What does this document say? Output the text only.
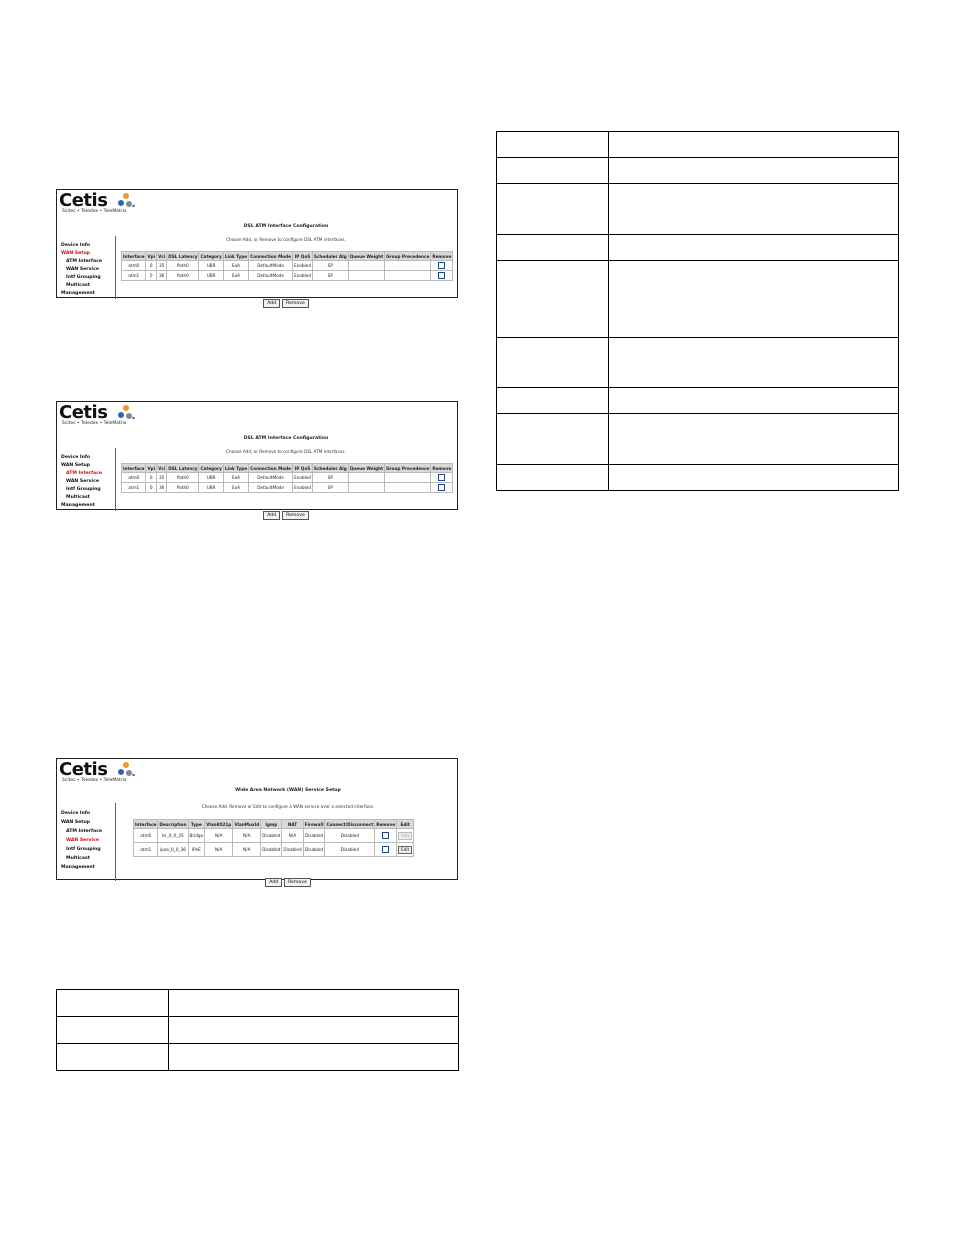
Cetis
Scitec • Teledex • TeleMatrix
Device Info
WAN Setup
ATM Interface
WAN Service
Intf Grouping
Multicast
Management
DSL ATM Interface Configuration
Choose Add, or Remove to configure DSL ATM interfaces.
Interface	Vpi	Vci	DSL Latency	Category	Link Type	Connection Mode	IP QoS	Scheduler Alg	Queue Weight	Group Precedence	Remove
atm0	0	35	Path0	UBR	EoA	DefaultMode	Enabled	SP			
atm1	0	36	Path0	UBR	EoA	DefaultMode	Enabled	SP			
Add Remove
Cetis
Scitec • Teledex • TeleMatrix
Device Info
WAN Setup
ATM Interface
WAN Service
Intf Grouping
Multicast
Management
DSL ATM Interface Configuration
Choose Add, or Remove to configure DSL ATM interfaces.
Interface	Vpi	Vci	DSL Latency	Category	Link Type	Connection Mode	IP QoS	Scheduler Alg	Queue Weight	Group Precedence	Remove
atm0	0	35	Path0	UBR	EoA	DefaultMode	Enabled	SP			
atm1	0	36	Path0	UBR	EoA	DefaultMode	Enabled	SP			
Add Remove
Cetis
Scitec • Teledex • TeleMatrix
Device Info
WAN Setup
ATM Interface
WAN Service
Intf Grouping
Multicast
Management
Wide Area Network (WAN) Service Setup
Choose Add, Remove or Edit to configure a WAN service over a selected interface.
Interface	Description	Type	Vlan8021p	VlanMuxId	Igmp	NAT	Firewall	Connect/Disconnect	Remove	Edit
atm0	br_0_0_35	Bridge	N/A	N/A	Disabled	N/A	Disabled	Disabled		Edit
atm1	ipoe_0_0_36	IPoE	N/A	N/A	Disabled	Disabled	Disabled	Disabled		Edit
Add Remove
